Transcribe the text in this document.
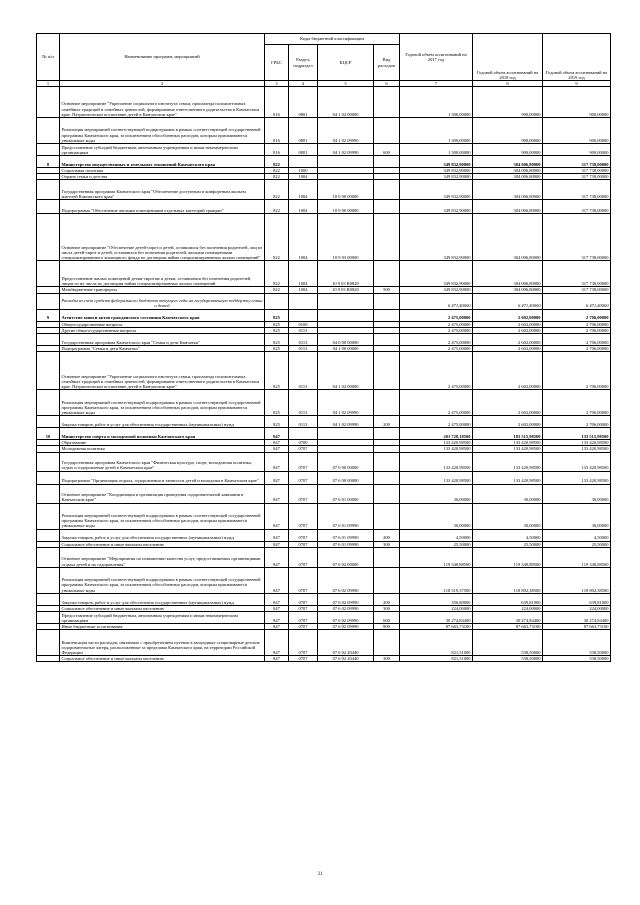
№ п/п	Наименование программ, мероприятий	Коды бюджетной классификации				Годовой объем ассигнований на 2017 год	Годовой объем ассигнований на 2018 год	Годовой объем ассигнований на 2019 год
		ГРБС	Раздел, подраздел	КЦСР	Вид расходов			
1	2	3	4	5	6	7	8	9
	Основное мероприятие "Укрепление социального института семьи, пропаганда положительных семейных традиций и семейных ценностей, формирование ответственного родительства в Камчатском крае. Патриотическое воспитание детей в Камчатском крае"	816	0801	04 1 02 00000		1 300,00000	900,00000	900,00000
	Реализация мероприятий соответствующей подпрограммы в рамках соответствующей государственной программы Камчатского края, за исключением обособленных расходов, которым присваиваются уникальные коды	816	0801	04 1 02 09990		1 300,00000	900,00000	900,00000
	Предоставление субсидий бюджетным, автономным учреждениям и иным некоммерческим организациям	816	0801	04 1 02 09990	600	1 300,00000	900,00000	900,00000
8	Министерство имущественных и земельных отношений Камчатского края	822				349 832,90000	304 006,80000	317 738,00000
	Социальная политика	822	1000			349 832,90000	304 006,80000	317 738,00000
	Охрана семьи и детства	822	1004			349 832,90000	304 006,80000	317 738,00000
	Государственная программа Камчатского края "Обеспечение доступным и комфортным жильем жителей Камчатского края"	822	1004	10 0 00 00000		349 832,90000	304 006,80000	317 738,00000
	Подпрограмма "Обеспечение жилыми помещениями отдельных категорий граждан"	822	1004	10 9 00 00000		349 832,90000	304 006,80000	317 738,00000
	Основное мероприятие "Обеспечение детей-сирот и детей, оставшихся без попечения родителей, лиц из числа детей-сирот и детей, оставшихся без попечения родителей, жилыми помещениями специализированного жилищного фонда по договорам найма специализированных жилых помещений"	822	1004	10 9 03 00000		349 832,90000	304 006,80000	317 738,00000
	Предоставление жилых помещений детям-сиротам и детям, оставшимся без попечения родителей, лицам из их числа по договорам найма специализированных жилых помещений	822	1004	10 9 03 R0820		349 832,90000	304 006,80000	317 738,00000
	Межбюджетные трансферты	822	1004	10 9 03 R0820	500	349 832,90000	304 006,80000	317 738,00000
	Расходы за счет средств федерального бюджета текущего года на государственную поддержку семьи и детей					6 471,40000	6 471,40000	6 471,40000
9	Агентство записи актов гражданского состояния Камчатского края	825				2 475,00000	2 602,00000	2 706,00000
	Общегосударственные вопросы	825	0100			2 475,00000	2 602,00000	2 706,00000
	Другие общегосударственные вопросы	825	0113			2 475,00000	2 602,00000	2 706,00000
	Государственная программа Камчатского края "Семья и дети Камчатки"	825	0113	04 0 00 00000		2 475,00000	2 602,00000	2 706,00000
	Подпрограмма "Семья и дети Камчатки"	825	0113	04 1 00 00000		2 475,00000	2 602,00000	2 706,00000
	Основное мероприятие "Укрепление социального института семьи, пропаганда положительных семейных традиций и семейных ценностей, формирование ответственного родительства в Камчатском крае. Патриотическое воспитание детей в Камчатском крае"	825	0113	04 1 02 00000		2 475,00000	2 602,00000	2 706,00000
	Реализация мероприятий соответствующей подпрограммы в рамках соответствующей государственной программы Камчатского края, за исключением обособленных расходов, которым присваиваются уникальные коды	825	0113	04 1 02 09990		2 475,00000	2 602,00000	2 706,00000
	Закупка товаров, работ и услуг для обеспечения государственных (муниципальных) нужд	825	0113	04 1 02 09990	200	2 475,00000	2 602,00000	2 706,00000
10	Министерство спорта и молодежной политики Камчатского края	847				201 728,18500	183 515,98500	133 515,98500
	Образование	847	0700			133 420,98500	133 420,98500	133 420,98500
	Молодежная политика	847	0707			133 420,98500	133 420,98500	133 420,98500
	Государственная программа Камчатского края "Физическая культура, спорт, молодежная политика, отдых и оздоровление детей в Камчатском крае"	847	0707	07 0 00 00000		133 420,98500	133 420,98500	133 420,98500
	Подпрограмма "Организация отдыха, оздоровления и занятости детей и молодежи в Камчатском крае"	847	0707	07 6 00 00000		133 420,98500	133 420,98500	133 420,98500
	Основное мероприятие "Координация и организация проведения оздоровительной кампании в Камчатском крае"	847	0707	07 6 01 00000		30,00000	30,00000	30,00000
	Реализация мероприятий соответствующей подпрограммы в рамках соответствующей государственной программы Камчатского края, за исключением обособленных расходов, которым присваиваются уникальные коды	847	0707	07 6 01 09990		30,00000	30,00000	30,00000
	Закупка товаров, работ и услуг для обеспечения государственных (муниципальных) нужд	847	0707	07 6 01 09990	200	4,50000	4,50000	4,50000
	Социальное обеспечение и иные выплаты населению	847	0707	07 6 01 09990	300	25,50000	25,50000	25,50000
	Основное мероприятие "Мероприятия по повышению качества услуг, предоставляемых организациями отдыха детей и их оздоровления"	847	0707	07 6 02 00000		119 340,88500	119 340,88500	119 340,88500
	Реализация мероприятий соответствующей подпрограммы в рамках соответствующей государственной программы Камчатского края, за исключением обособленных расходов, которым присваиваются уникальные коды	847	0707	07 6 02 09990		118 519,37500	118 802,38500	118 802,38500
	Закупка товаров, работ и услуг для обеспечения государственных (муниципальных) нужд	847	0707	07 6 02 09990	200	356,80000	639,81000	639,81000
	Социальное обеспечение и иные выплаты населению	847	0707	07 6 02 09990	300	224,00000	224,00000	224,00000
	Предоставление субсидий бюджетным, автономным учреждениям и иным некоммерческим организациям	847	0707	07 6 02 09990	600	30 274,84400	30 274,84400	30 274,84400
	Иные бюджетные ассигнования	847	0707	07 6 02 09990	800	87 663,73100	87 663,73100	87 663,73100
	Компенсация части расходов, связанных с приобретением путевок в загородные стационарные детские оздоровительные лагеря, расположенные за пределами Камчатского края, на территории Российской Федерации	847	0707	07 6 02 20440		821,51000	538,50000	538,50000
	Социальное обеспечение и иные выплаты населению	847	0707	07 6 02 20440	300	821,51000	538,50000	538,50000
31
